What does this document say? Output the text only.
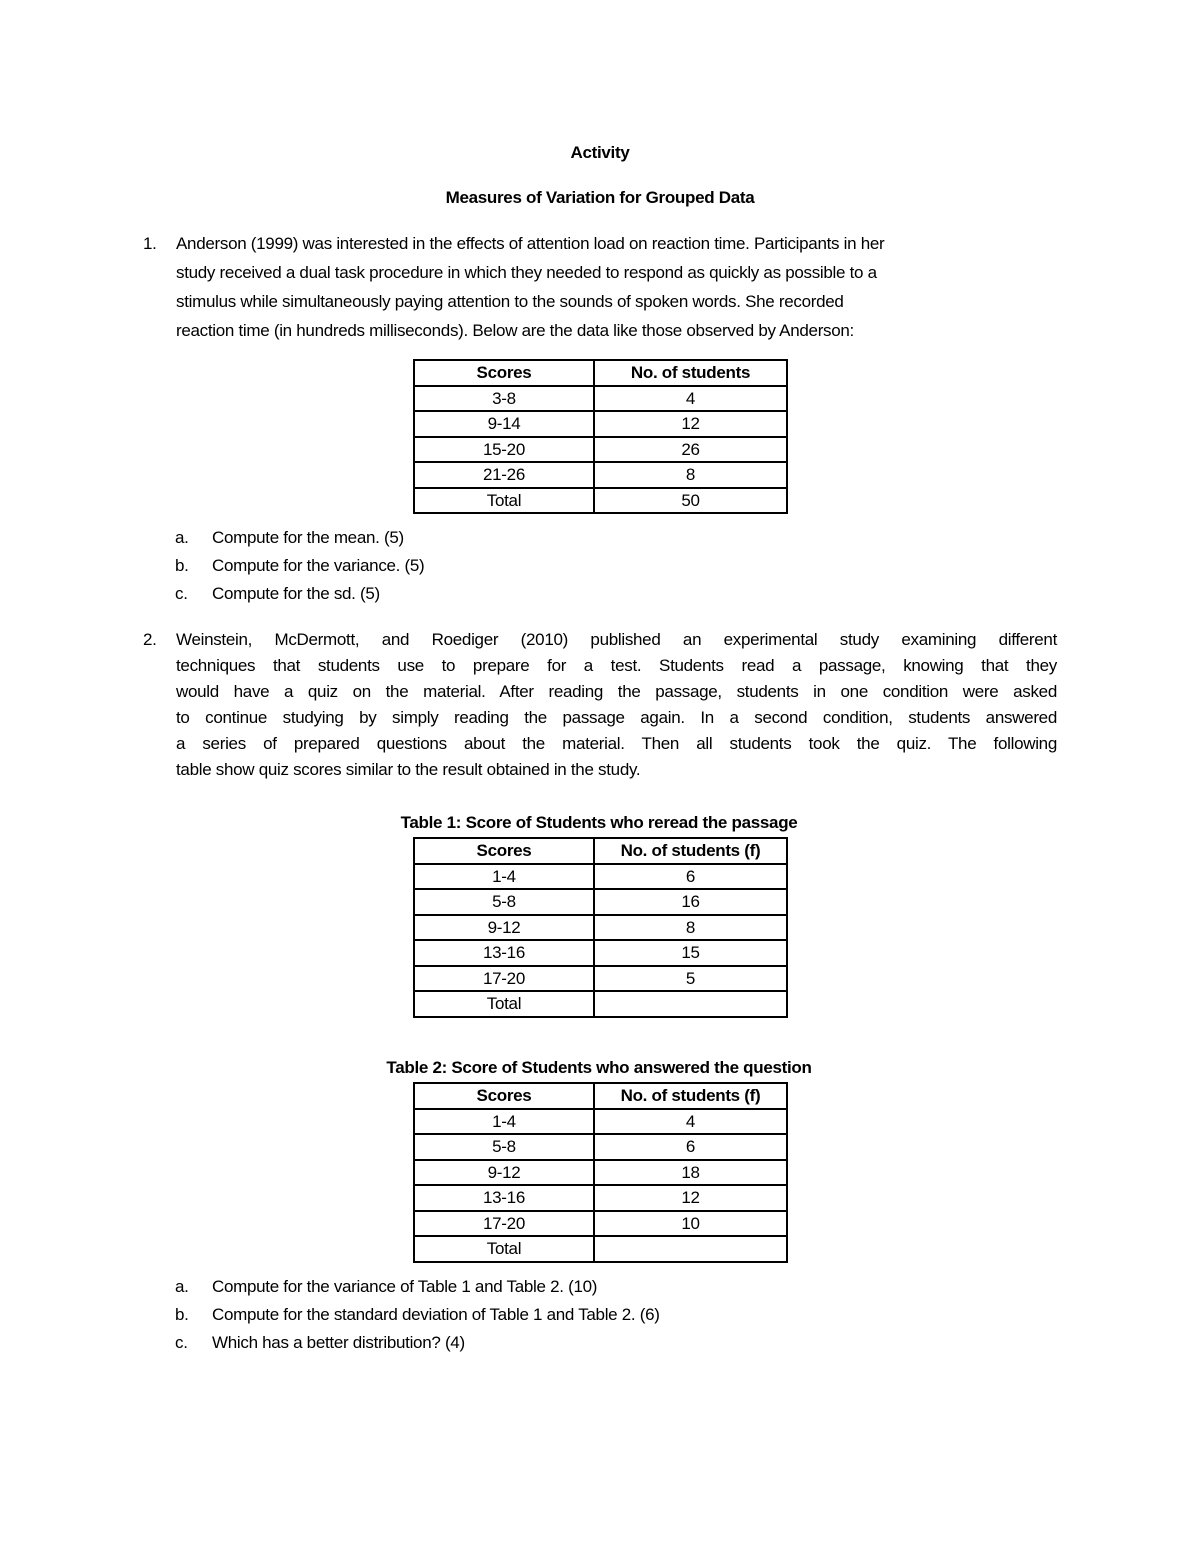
Activity
Measures of Variation for Grouped Data
1. Anderson (1999) was interested in the effects of attention load on reaction time. Participants in her
study received a dual task procedure in which they needed to respond as quickly as possible to a
stimulus while simultaneously paying attention to the sounds of spoken words. She recorded
reaction time (in hundreds milliseconds). Below are the data like those observed by Anderson:
Scores	No. of students
3-8	4
9-14	12
15-20	26
21-26	8
Total	50
a. Compute for the mean. (5)
b. Compute for the variance. (5)
c. Compute for the sd. (5)
2. Weinstein, McDermott, and Roediger (2010) published an experimental study examining different
techniques that students use to prepare for a test. Students read a passage, knowing that they
would have a quiz on the material. After reading the passage, students in one condition were asked
to continue studying by simply reading the passage again. In a second condition, students answered
a series of prepared questions about the material. Then all students took the quiz. The following
table show quiz scores similar to the result obtained in the study.
Table 1: Score of Students who reread the passage
Scores	No. of students (f)
1-4	6
5-8	16
9-12	8
13-16	15
17-20	5
Total	
Table 2: Score of Students who answered the question
Scores	No. of students (f)
1-4	4
5-8	6
9-12	18
13-16	12
17-20	10
Total	
a. Compute for the variance of Table 1 and Table 2. (10)
b. Compute for the standard deviation of Table 1 and Table 2. (6)
c. Which has a better distribution? (4)
